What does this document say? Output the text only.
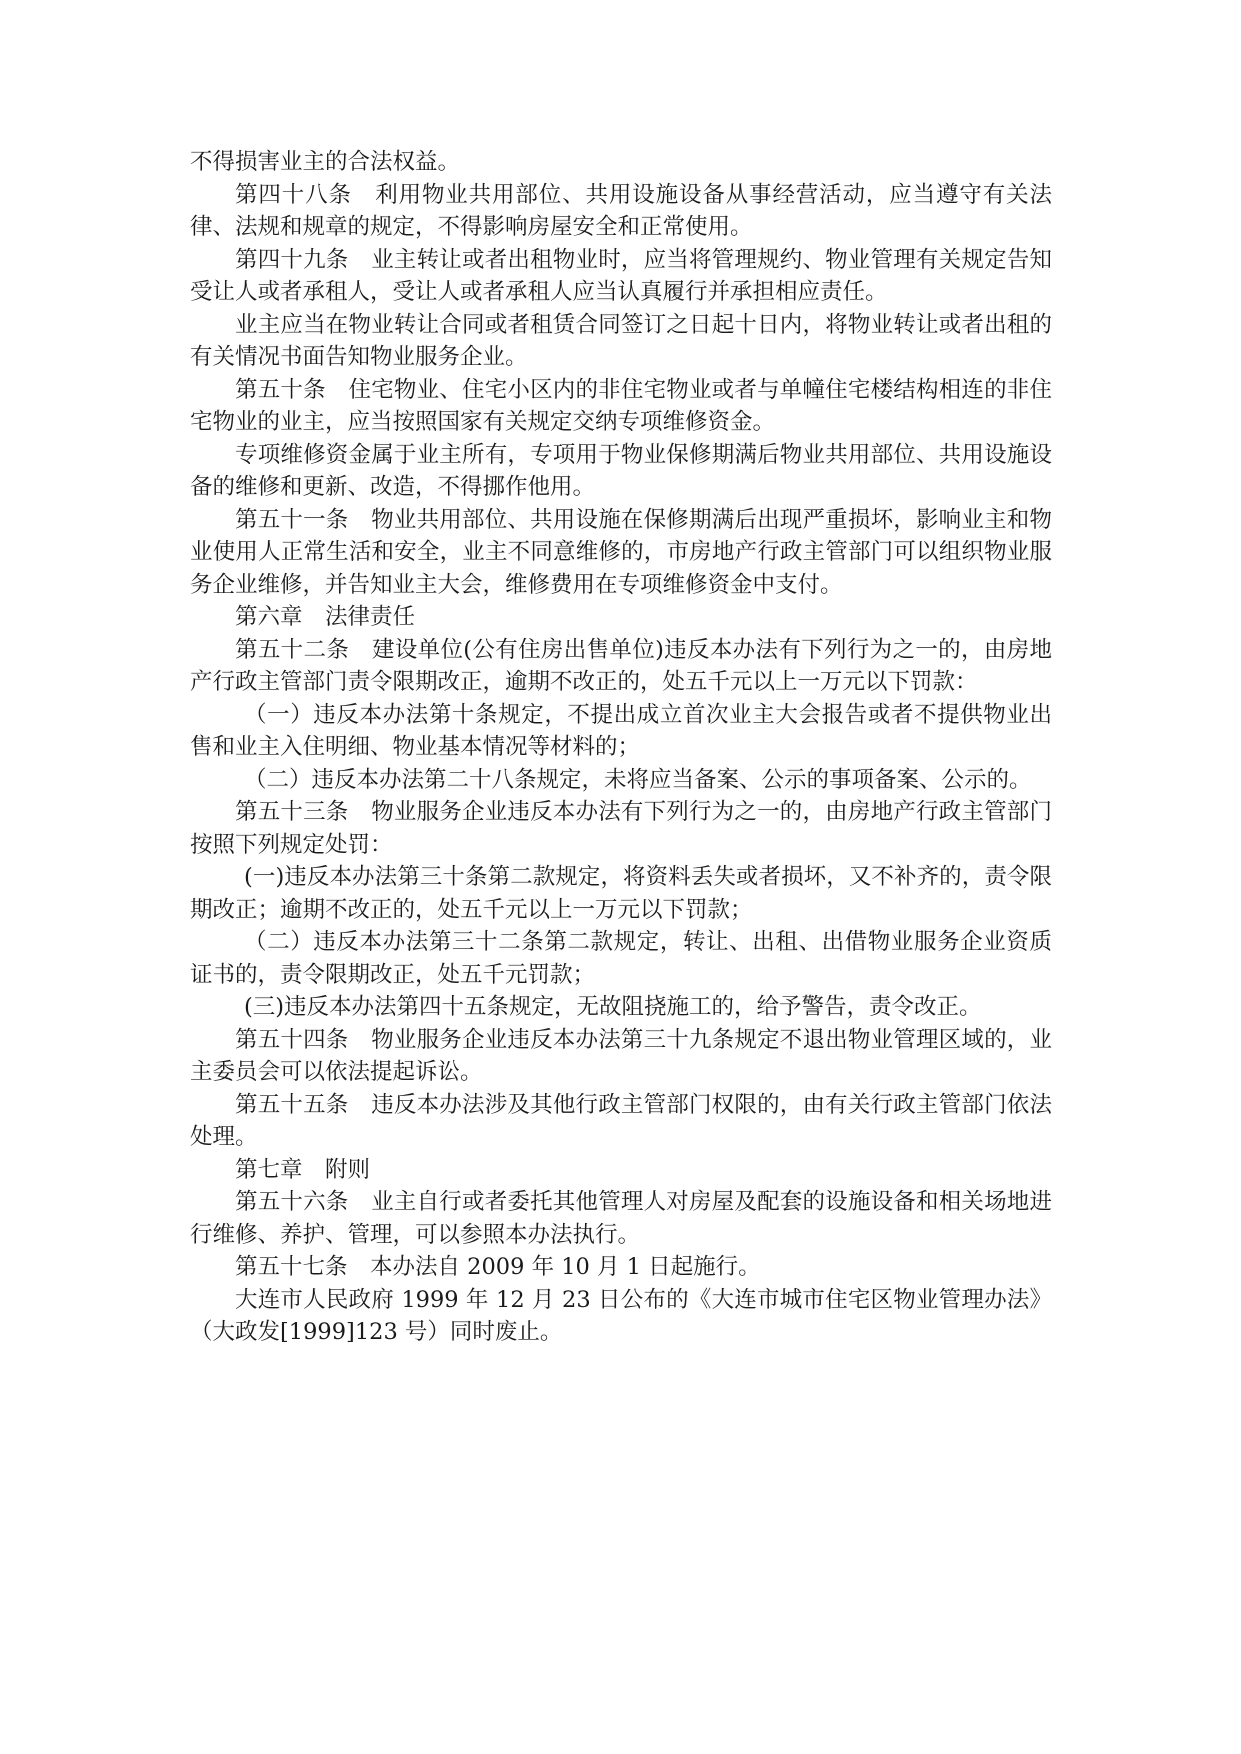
不得损害业主的合法权益。

第四十八条 利用物业共用部位、共用设施设备从事经营活动，应当遵守有关法律、法规和规章的规定，不得影响房屋安全和正常使用。

第四十九条 业主转让或者出租物业时，应当将管理规约、物业管理有关规定告知受让人或者承租人，受让人或者承租人应当认真履行并承担相应责任。

业主应当在物业转让合同或者租赁合同签订之日起十日内，将物业转让或者出租的有关情况书面告知物业服务企业。

第五十条 住宅物业、住宅小区内的非住宅物业或者与单幢住宅楼结构相连的非住宅物业的业主，应当按照国家有关规定交纳专项维修资金。

专项维修资金属于业主所有，专项用于物业保修期满后物业共用部位、共用设施设备的维修和更新、改造，不得挪作他用。

第五十一条 物业共用部位、共用设施在保修期满后出现严重损坏，影响业主和物业使用人正常生活和安全，业主不同意维修的，市房地产行政主管部门可以组织物业服务企业维修，并告知业主大会，维修费用在专项维修资金中支付。

第六章 法律责任

第五十二条 建设单位(公有住房出售单位)违反本办法有下列行为之一的，由房地产行政主管部门责令限期改正，逾期不改正的，处五千元以上一万元以下罚款：

（一）违反本办法第十条规定，不提出成立首次业主大会报告或者不提供物业出售和业主入住明细、物业基本情况等材料的；

（二）违反本办法第二十八条规定，未将应当备案、公示的事项备案、公示的。

第五十三条 物业服务企业违反本办法有下列行为之一的，由房地产行政主管部门按照下列规定处罚：

(一)违反本办法第三十条第二款规定，将资料丢失或者损坏，又不补齐的，责令限期改正；逾期不改正的，处五千元以上一万元以下罚款；

（二）违反本办法第三十二条第二款规定，转让、出租、出借物业服务企业资质证书的，责令限期改正，处五千元罚款；

(三)违反本办法第四十五条规定，无故阻挠施工的，给予警告，责令改正。

第五十四条 物业服务企业违反本办法第三十九条规定不退出物业管理区域的，业主委员会可以依法提起诉讼。

第五十五条 违反本办法涉及其他行政主管部门权限的，由有关行政主管部门依法处理。

第七章 附则

第五十六条 业主自行或者委托其他管理人对房屋及配套的设施设备和相关场地进行维修、养护、管理，可以参照本办法执行。

第五十七条 本办法自 2009 年 10 月 1 日起施行。

大连市人民政府 1999 年 12 月 23 日公布的《大连市城市住宅区物业管理办法》（大政发[1999]123 号）同时废止。
